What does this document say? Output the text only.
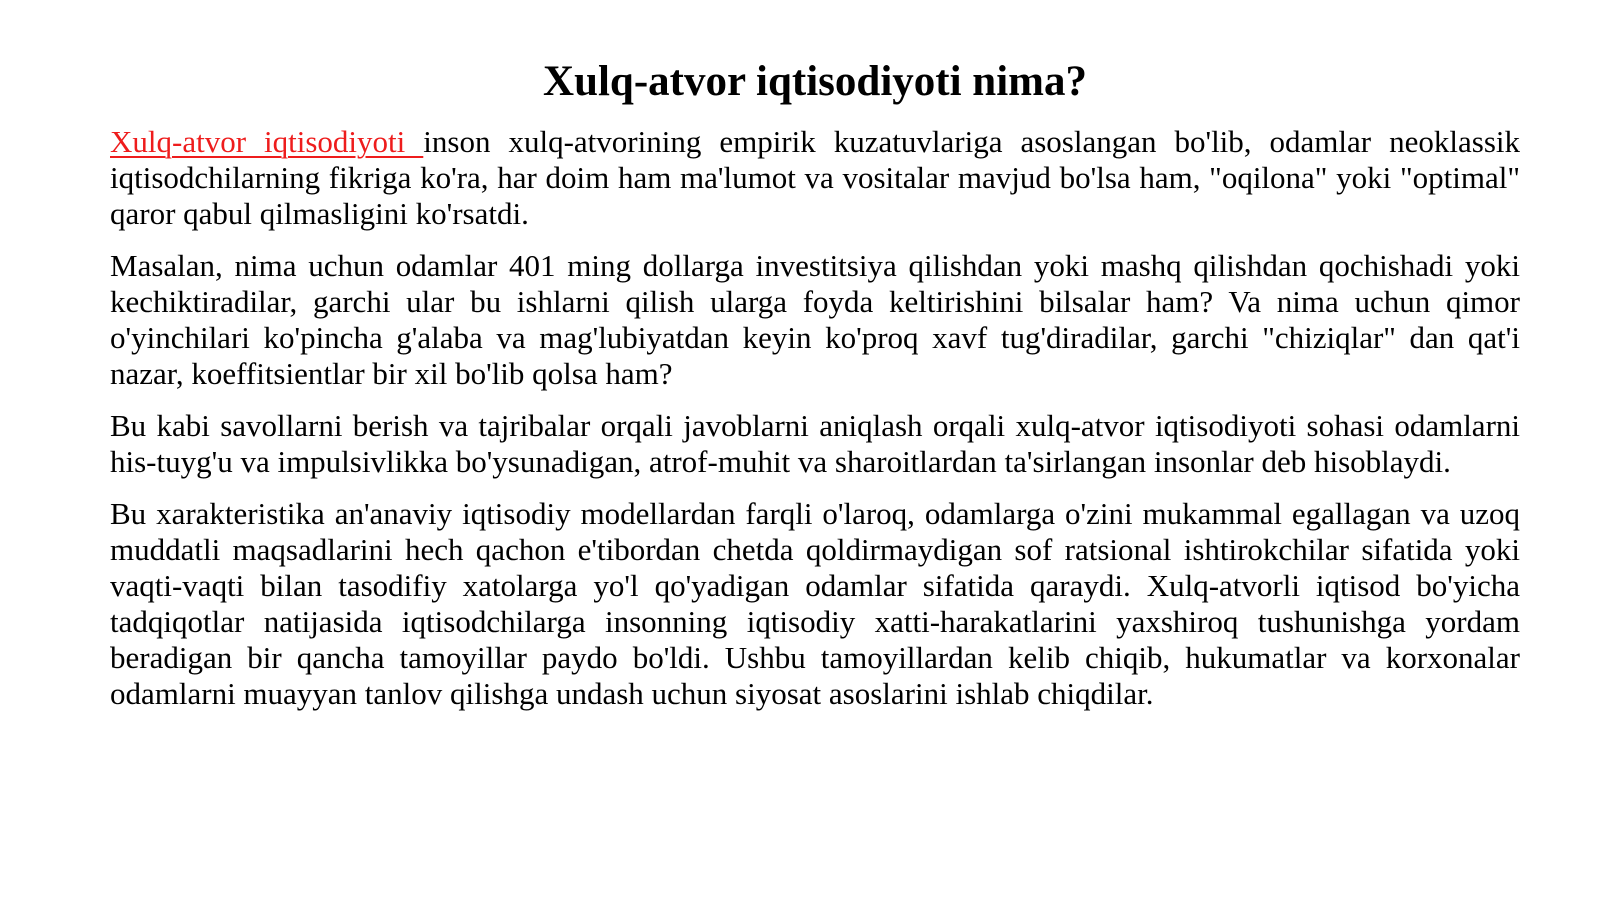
Xulq-atvor iqtisodiyoti nima?

Xulq-atvor iqtisodiyoti inson xulq-atvorining empirik kuzatuvlariga asoslangan bo'lib, odamlar neoklassik iqtisodchilarning fikriga ko'ra, har doim ham ma'lumot va vositalar mavjud bo'lsa ham, "oqilona" yoki "optimal" qaror qabul qilmasligini ko'rsatdi.

Masalan, nima uchun odamlar 401 ming dollarga investitsiya qilishdan yoki mashq qilishdan qochishadi yoki kechiktiradilar, garchi ular bu ishlarni qilish ularga foyda keltirishini bilsalar ham? Va nima uchun qimor o'yinchilari ko'pincha g'alaba va mag'lubiyatdan keyin ko'proq xavf tug'diradilar, garchi "chiziqlar" dan qat'i nazar, koeffitsientlar bir xil bo'lib qolsa ham?

Bu kabi savollarni berish va tajribalar orqali javoblarni aniqlash orqali xulq-atvor iqtisodiyoti sohasi odamlarni his-tuyg'u va impulsivlikka bo'ysunadigan, atrof-muhit va sharoitlardan ta'sirlangan insonlar deb hisoblaydi.

Bu xarakteristika an'anaviy iqtisodiy modellardan farqli o'laroq, odamlarga o'zini mukammal egallagan va uzoq muddatli maqsadlarini hech qachon e'tibordan chetda qoldirmaydigan sof ratsional ishtirokchilar sifatida yoki vaqti-vaqti bilan tasodifiy xatolarga yo'l qo'yadigan odamlar sifatida qaraydi. Xulq-atvorli iqtisod bo'yicha tadqiqotlar natijasida iqtisodchilarga insonning iqtisodiy xatti-harakatlarini yaxshiroq tushunishga yordam beradigan bir qancha tamoyillar paydo bo'ldi. Ushbu tamoyillardan kelib chiqib, hukumatlar va korxonalar odamlarni muayyan tanlov qilishga undash uchun siyosat asoslarini ishlab chiqdilar.
